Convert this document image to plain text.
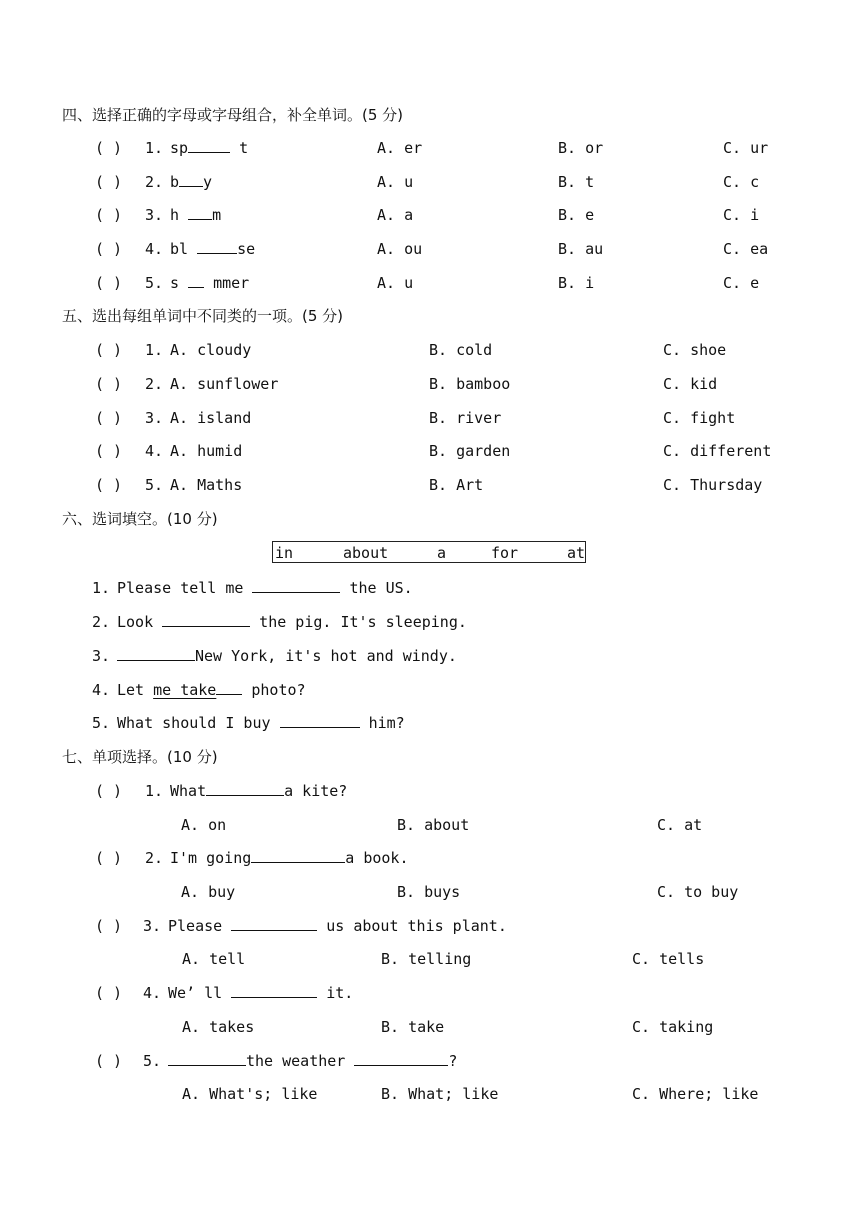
四、选择正确的字母或字母组合，补全单词。(5 分)
( ) 1. sp	t	A. er	B. or	C. ur
( ) 2. b y	A. u	B. t	C. c
( ) 3. h m	A. a	B. e	C. i
( ) 4. bl	se	A. ou	B. au	C. ea
( ) 5. s  mmer	A. u	B. i	C. e
五、选出每组单词中不同类的一项。(5 分)
( ) 1. A. cloudy	B. cold	C. shoe
( ) 2. A. sunflower	B. bamboo	C. kid
( ) 3. A. island	B. river	C. fight
( ) 4. A. humid	B. garden	C. different
( ) 5. A. Maths	B. Art	C. Thursday
六、选词填空。(10 分)
in	about	a	for	at
1. Please tell me	the US.
2. Look	the pig. It's sleeping.
3.	New York, it's hot and windy.
4. Let me take photo?
5. What should I buy	him?
七、单项选择。(10 分)
( ) 1. What	a kite?
A. on	B. about	C. at
( ) 2. I'm going	a book.
A. buy	B. buys	C. to buy
( ) 3. Please	us about this plant.
A. tell	B. telling	C. tells
( ) 4. We’ ll	it.
A. takes	B. take	C. taking
( ) 5.	the weather	?
A. What's; like	B. What; like	C. Where; like
